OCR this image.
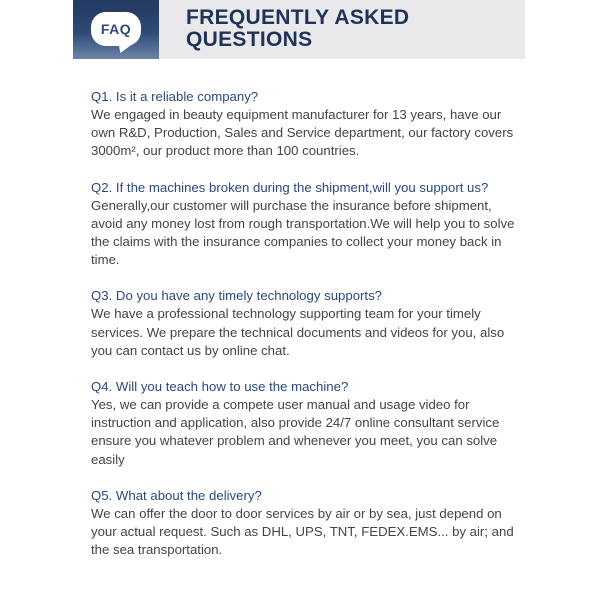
FAQ	FREQUENTLY ASKED
QUESTIONS
Q1. Is it a reliable company?

We engaged in beauty equipment manufacturer for 13 years, have our own R&D, Production, Sales and Service department, our factory covers 3000m², our product more than 100 countries.

Q2. If the machines broken during the shipment,will you support us?

Generally,our customer will purchase the insurance before shipment, avoid any money lost from rough transportation.We will help you to solve the claims with the insurance companies to collect your money back in time.

Q3. Do you have any timely technology supports?

We have a professional technology supporting team for your timely services. We prepare the technical documents and videos for you, also you can contact us by online chat.

Q4. Will you teach how to use the machine?

Yes, we can provide a compete user manual and usage video for instruction and application, also provide 24/7 online consultant service ensure you whatever problem and whenever you meet, you can solve easily

Q5. What about the delivery?

We can offer the door to door services by air or by sea, just depend on your actual request. Such as DHL, UPS, TNT, FEDEX.EMS... by air; and the sea transportation.
